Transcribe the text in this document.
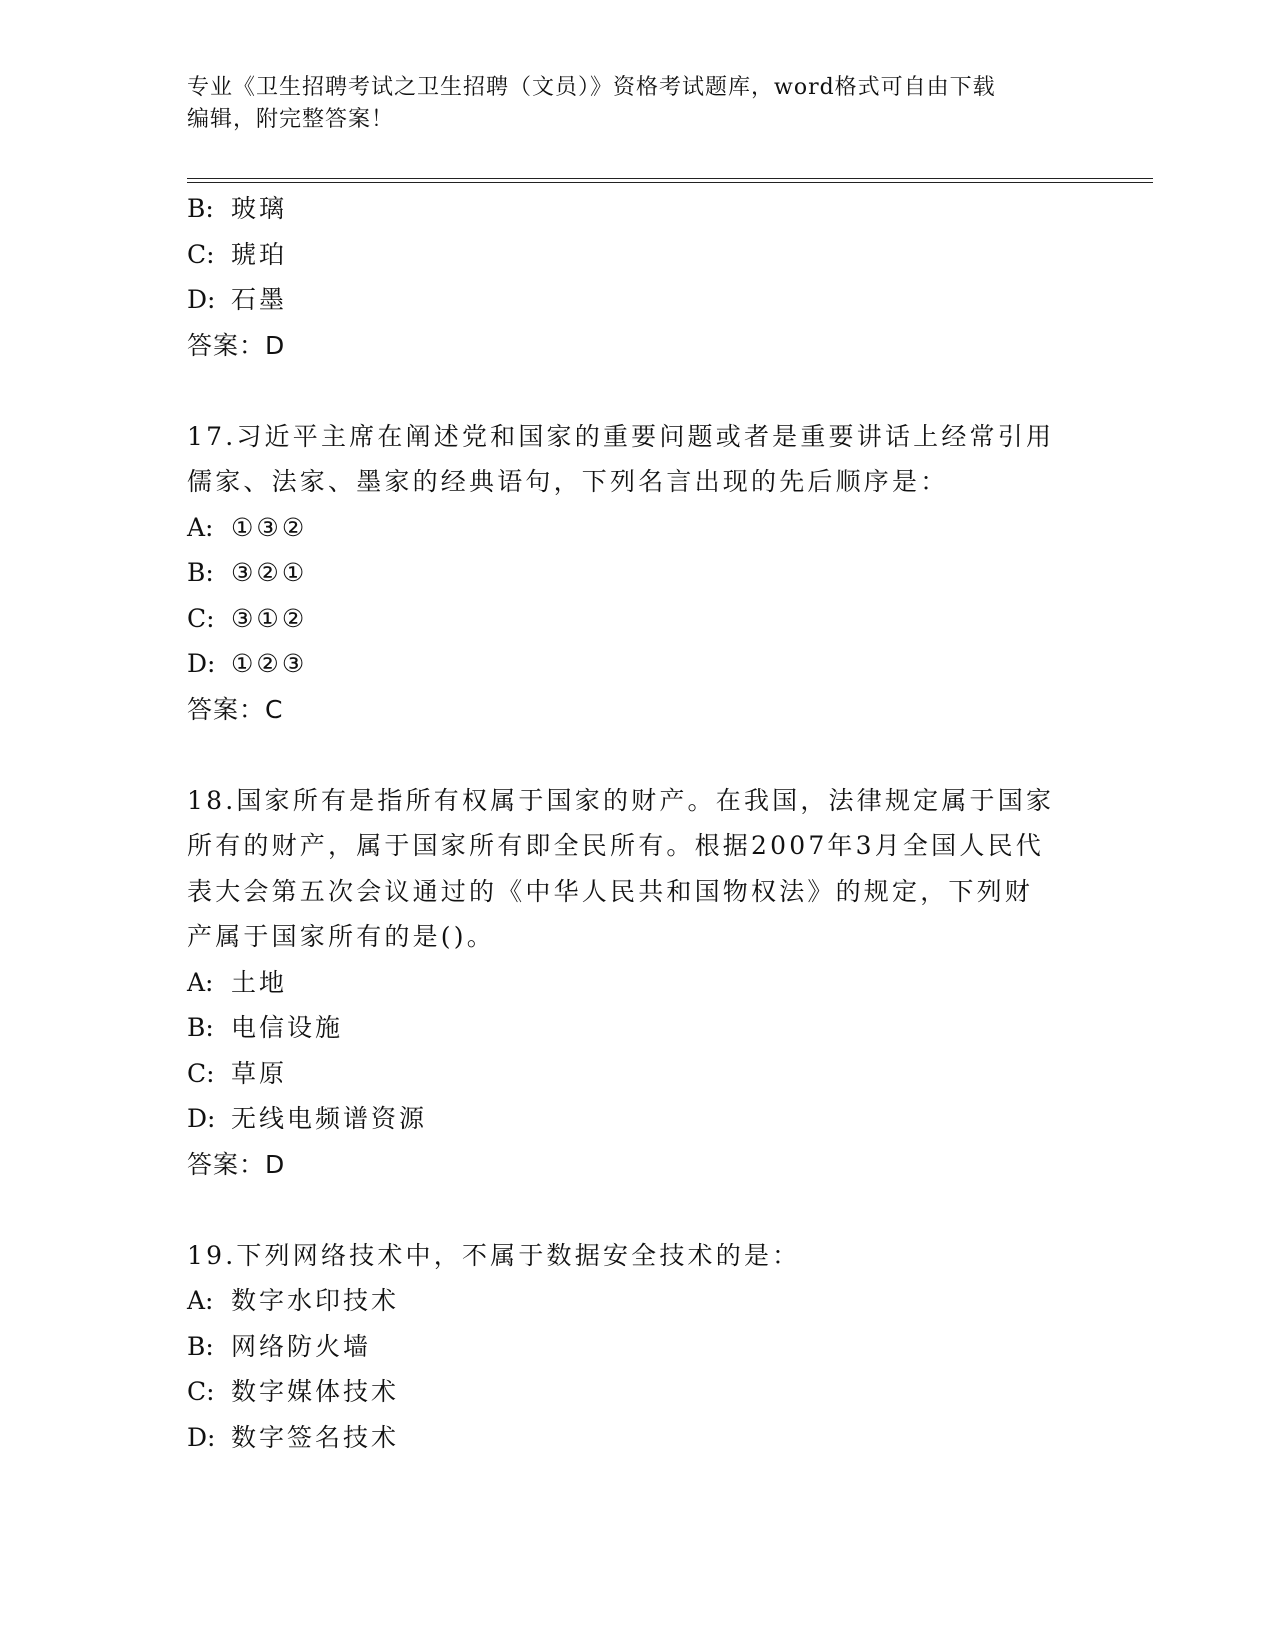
专业《卫生招聘考试之卫生招聘（文员）》资格考试题库，word格式可自由下载
编辑，附完整答案！
B: 玻璃
C: 琥珀
D: 石墨
答案：D
17.习近平主席在阐述党和国家的重要问题或者是重要讲话上经常引用
儒家、法家、墨家的经典语句，下列名言出现的先后顺序是：
A: ①③②
B: ③②①
C: ③①②
D: ①②③
答案：C
18.国家所有是指所有权属于国家的财产。在我国，法律规定属于国家
所有的财产，属于国家所有即全民所有。根据2007年3月全国人民代
表大会第五次会议通过的《中华人民共和国物权法》的规定，下列财
产属于国家所有的是()。
A: 土地
B: 电信设施
C: 草原
D: 无线电频谱资源
答案：D
19.下列网络技术中，不属于数据安全技术的是：
A: 数字水印技术
B: 网络防火墙
C: 数字媒体技术
D: 数字签名技术
